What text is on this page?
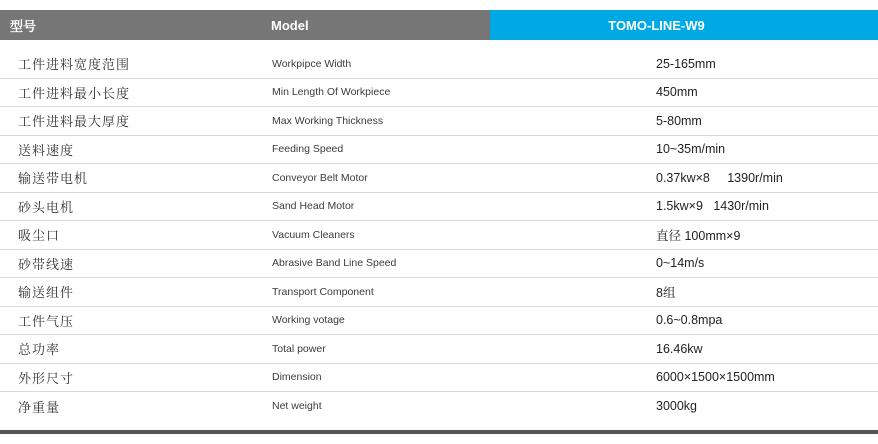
型号	Model	TOMO-LINE-W9
工件进料宽度范围	Workpipce Width	25-165mm
工件进料最小长度	Min Length Of Workpiece	450mm
工件进料最大厚度	Max Working Thickness	5-80mm
送料速度	Feeding Speed	10~35m/min
输送带电机	Conveyor Belt Motor	0.37kw×8     1390r/min
砂头电机	Sand Head Motor	1.5kw×9   1430r/min
吸尘口	Vacuum Cleaners	直径 100mm×9
砂带线速	Abrasive Band Line Speed	0~14m/s
输送组件	Transport Component	8组
工件气压	Working votage	0.6~0.8mpa
总功率	Total power	16.46kw
外形尺寸	Dimension	6000×1500×1500mm
净重量	Net weight	3000kg
